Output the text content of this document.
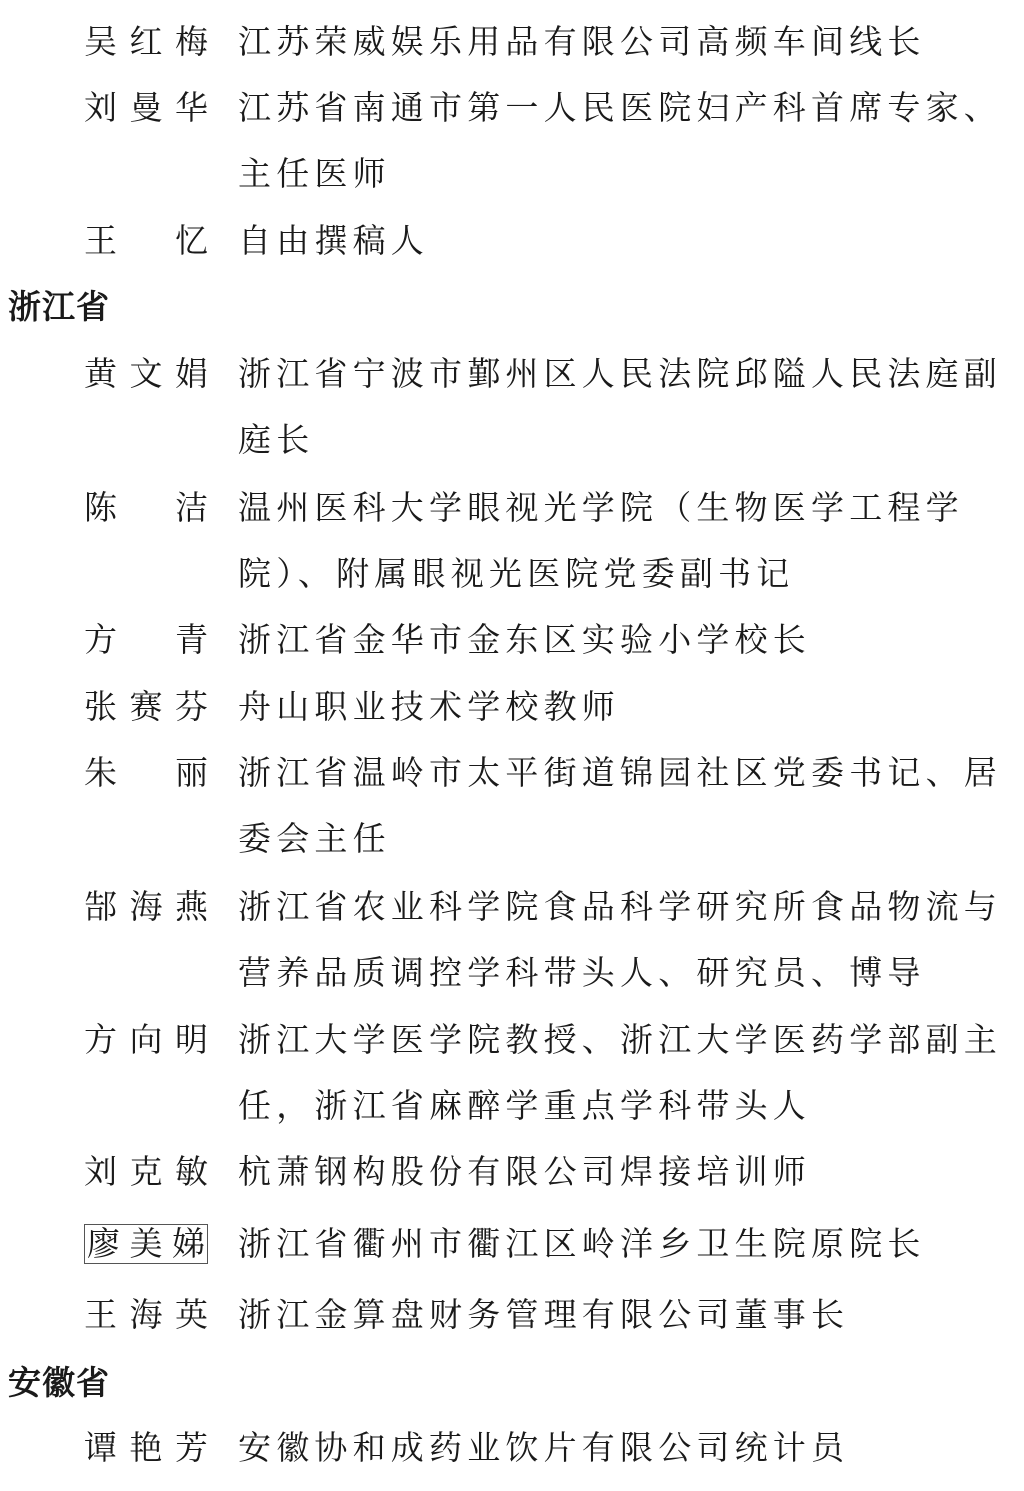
吴红梅 江苏荣威娱乐用品有限公司高频车间线长
刘曼华 江苏省南通市第一人民医院妇产科首席专家、
主任医师
王　忆 自由撰稿人
浙江省
黄文娟 浙江省宁波市鄞州区人民法院邱隘人民法庭副
庭长
陈　洁 温州医科大学眼视光学院（生物医学工程学
院）、附属眼视光医院党委副书记
方　青 浙江省金华市金东区实验小学校长
张赛芬 舟山职业技术学校教师
朱　丽 浙江省温岭市太平街道锦园社区党委书记、居
委会主任
郜海燕 浙江省农业科学院食品科学研究所食品物流与
营养品质调控学科带头人、研究员、博导
方向明 浙江大学医学院教授、浙江大学医药学部副主
任，浙江省麻醉学重点学科带头人
刘克敏 杭萧钢构股份有限公司焊接培训师
廖美娣 浙江省衢州市衢江区岭洋乡卫生院原院长
王海英 浙江金算盘财务管理有限公司董事长
安徽省
谭艳芳 安徽协和成药业饮片有限公司统计员
